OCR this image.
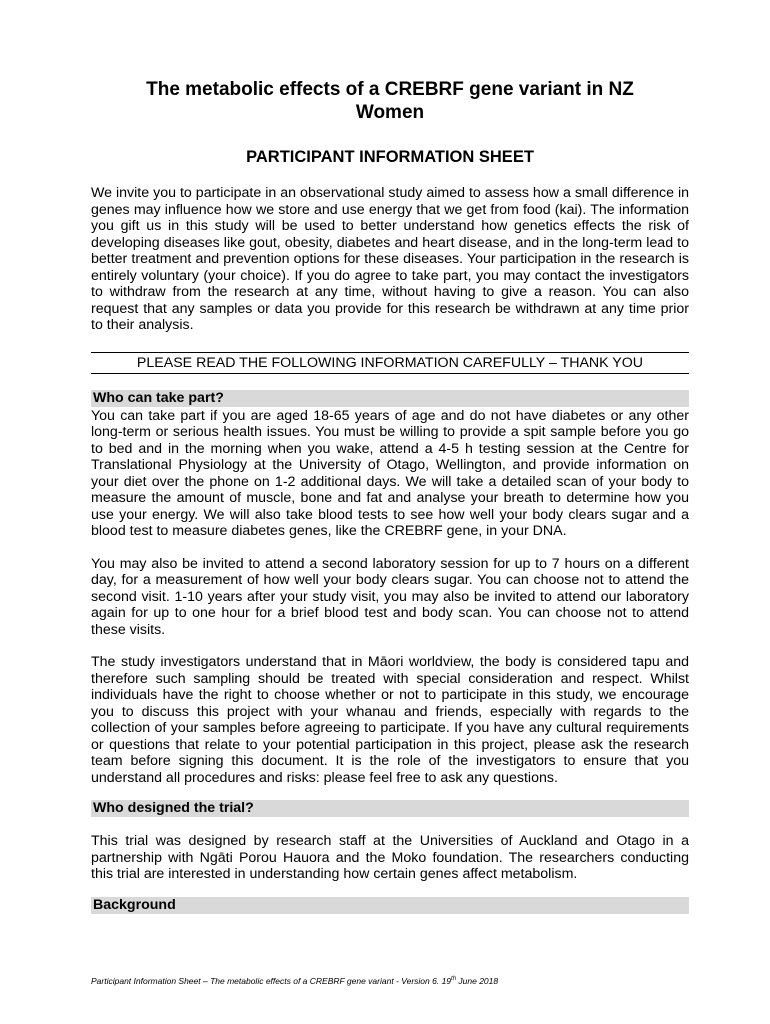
The metabolic effects of a CREBRF gene variant in NZ Women
PARTICIPANT INFORMATION SHEET

We invite you to participate in an observational study aimed to assess how a small difference in genes may influence how we store and use energy that we get from food (kai). The information you gift us in this study will be used to better understand how genetics effects the risk of developing diseases like gout, obesity, diabetes and heart disease, and in the long-term lead to better treatment and prevention options for these diseases. Your participation in the research is entirely voluntary (your choice). If you do agree to take part, you may contact the investigators to withdraw from the research at any time, without having to give a reason. You can also request that any samples or data you provide for this research be withdrawn at any time prior to their analysis.

PLEASE READ THE FOLLOWING INFORMATION CAREFULLY – THANK YOU
Who can take part?

You can take part if you are aged 18-65 years of age and do not have diabetes or any other long-term or serious health issues. You must be willing to provide a spit sample before you go to bed and in the morning when you wake, attend a 4-5 h testing session at the Centre for Translational Physiology at the University of Otago, Wellington, and provide information on your diet over the phone on 1-2 additional days. We will take a detailed scan of your body to measure the amount of muscle, bone and fat and analyse your breath to determine how you use your energy. We will also take blood tests to see how well your body clears sugar and a blood test to measure diabetes genes, like the CREBRF gene, in your DNA.

You may also be invited to attend a second laboratory session for up to 7 hours on a different day, for a measurement of how well your body clears sugar. You can choose not to attend the second visit. 1-10 years after your study visit, you may also be invited to attend our laboratory again for up to one hour for a brief blood test and body scan. You can choose not to attend these visits.

The study investigators understand that in Māori worldview, the body is considered tapu and therefore such sampling should be treated with special consideration and respect. Whilst individuals have the right to choose whether or not to participate in this study, we encourage you to discuss this project with your whanau and friends, especially with regards to the collection of your samples before agreeing to participate. If you have any cultural requirements or questions that relate to your potential participation in this project, please ask the research team before signing this document. It is the role of the investigators to ensure that you understand all procedures and risks: please feel free to ask any questions.

Who designed the trial?

This trial was designed by research staff at the Universities of Auckland and Otago in a partnership with Ngāti Porou Hauora and the Moko foundation. The researchers conducting this trial are interested in understanding how certain genes affect metabolism.

Background
Participant Information Sheet – The metabolic effects of a CREBRF gene variant - Version 6. 19th June 2018
